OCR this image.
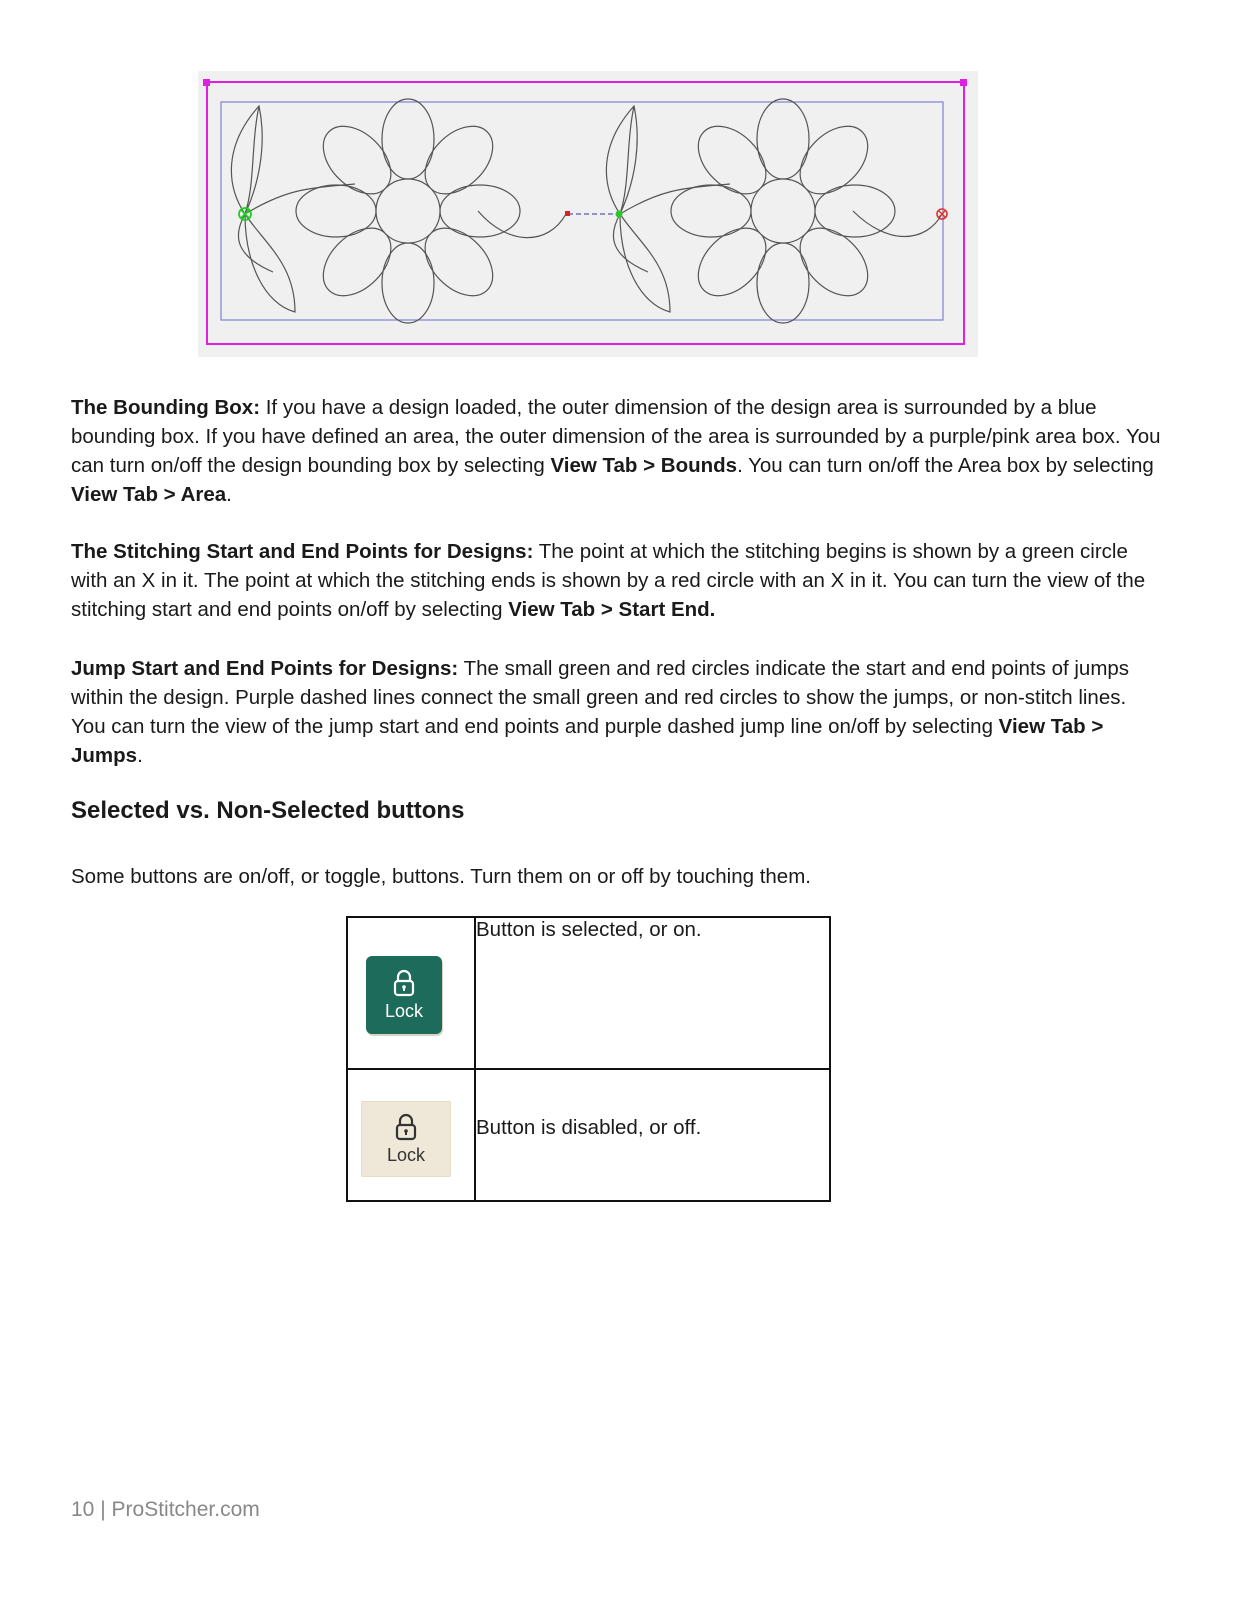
The Bounding Box: If you have a design loaded, the outer dimension of the design area is surrounded by a blue bounding box. If you have defined an area, the outer dimension of the area is surrounded by a purple/pink area box. You can turn on/off the design bounding box by selecting View Tab > Bounds. You can turn on/off the Area box by selecting View Tab > Area.

The Stitching Start and End Points for Designs: The point at which the stitching begins is shown by a green circle with an X in it. The point at which the stitching ends is shown by a red circle with an X in it. You can turn the view of the stitching start and end points on/off by selecting View Tab > Start End.

Jump Start and End Points for Designs: The small green and red circles indicate the start and end points of jumps within the design. Purple dashed lines connect the small green and red circles to show the jumps, or non-stitch lines. You can turn the view of the jump start and end points and purple dashed jump line on/off by selecting View Tab > Jumps.

Selected vs. Non-Selected buttons

Some buttons are on/off, or toggle, buttons. Turn them on or off by touching them.

Lock	Button is selected, or on.

Lock	Button is disabled, or off.
10 | ProStitcher.com
